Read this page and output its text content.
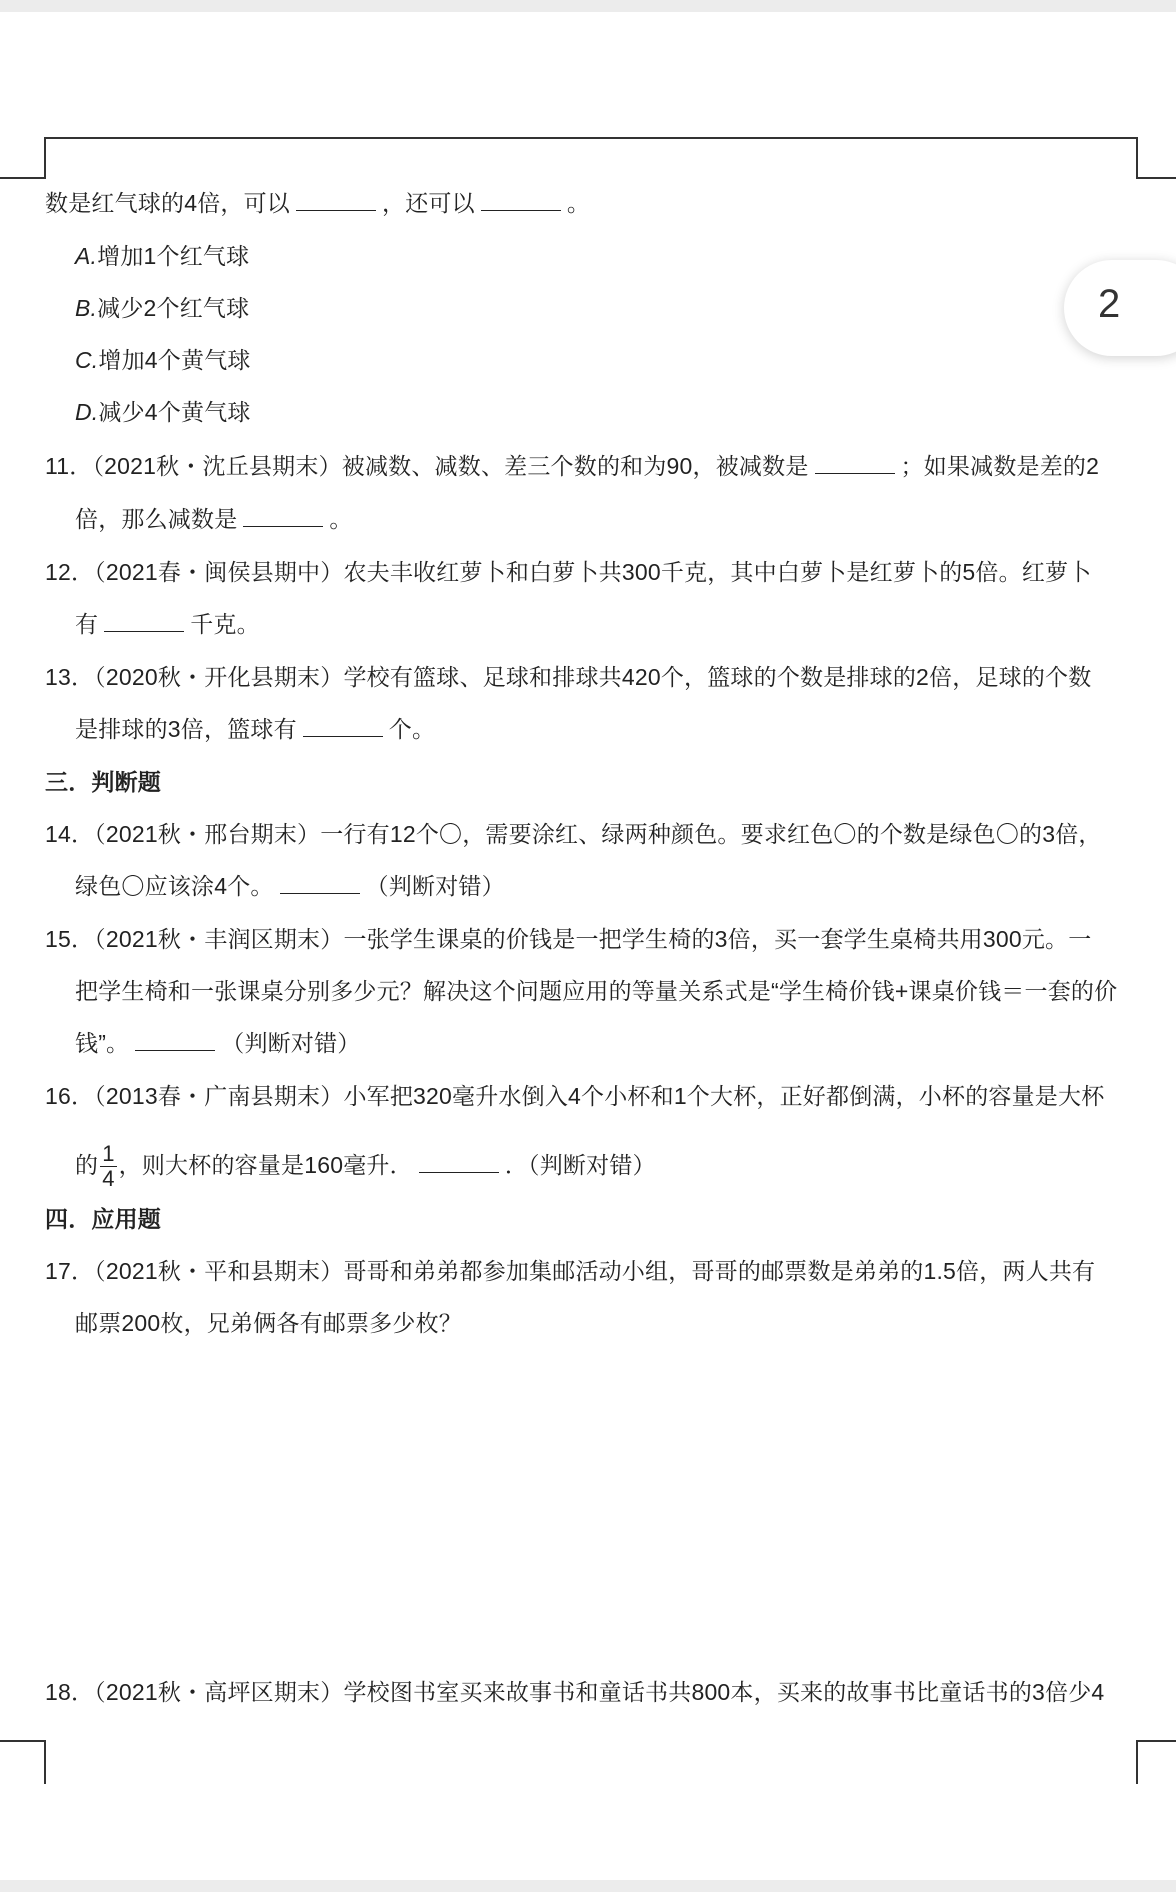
2
数是红气球的4倍，可以	，还可以	。
A.增加1个红气球
B.减少2个红气球
C.增加4个黄气球
D.减少4个黄气球
11．（2021秋・沈丘县期末）被减数、减数、差三个数的和为90，被减数是	；如果减数是差的2
倍，那么减数是	。
12．（2021春・闽侯县期中）农夫丰收红萝卜和白萝卜共300千克，其中白萝卜是红萝卜的5倍。红萝卜
有	千克。
13．（2020秋・开化县期末）学校有篮球、足球和排球共420个，篮球的个数是排球的2倍，足球的个数
是排球的3倍，篮球有	个。
三．判断题
14．（2021秋・邢台期末）一行有12个〇，需要涂红、绿两种颜色。要求红色〇的个数是绿色〇的3倍，
绿色〇应该涂4个。	（判断对错）
15．（2021秋・丰润区期末）一张学生课桌的价钱是一把学生椅的3倍，买一套学生桌椅共用300元。一
把学生椅和一张课桌分别多少元？解决这个问题应用的等量关系式是“学生椅价钱+课桌价钱＝一套的价
钱”。	（判断对错）
16．（2013春・广南县期末）小军把320毫升水倒入4个小杯和1个大杯，正好都倒满，小杯的容量是大杯
的 $\frac{1}{4}$ ，则大杯的容量是160毫升．	．（判断对错）
四．应用题
17．（2021秋・平和县期末）哥哥和弟弟都参加集邮活动小组，哥哥的邮票数是弟弟的1.5倍，两人共有
邮票200枚，兄弟俩各有邮票多少枚？
18．（2021秋・高坪区期末）学校图书室买来故事书和童话书共800本，买来的故事书比童话书的3倍少4
